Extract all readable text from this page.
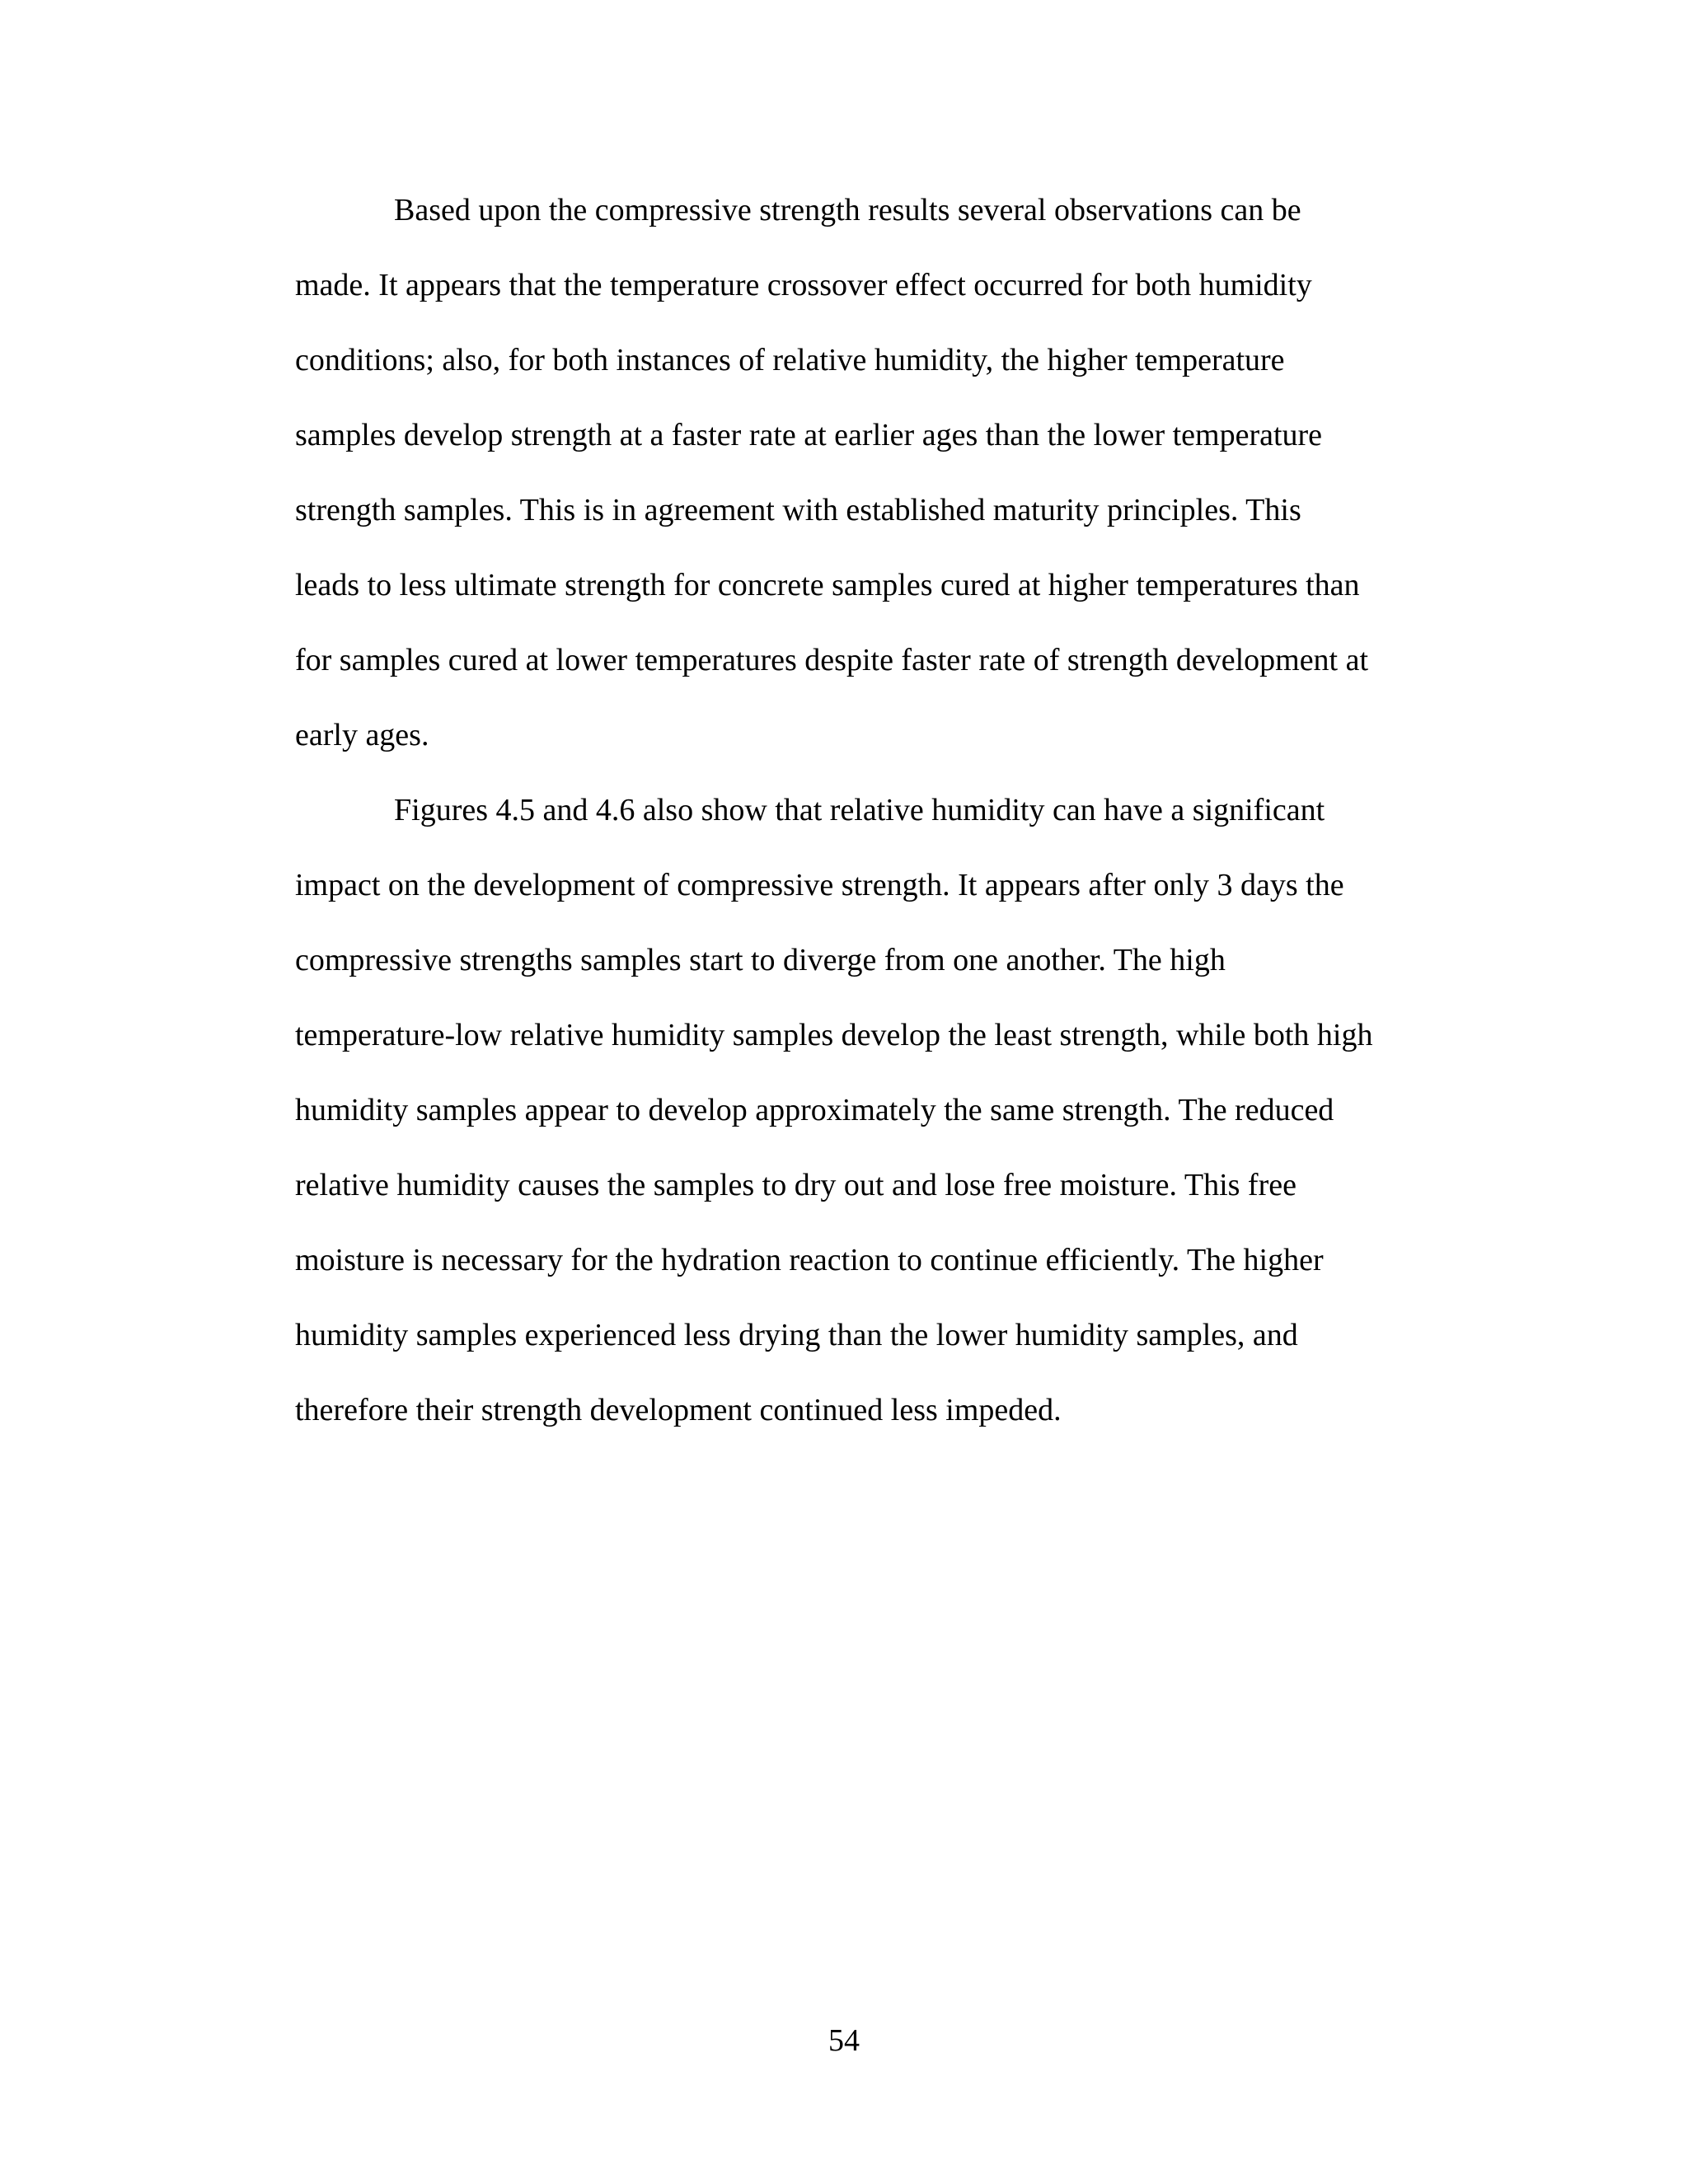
Based upon the compressive strength results several observations can be
made. It appears that the temperature crossover effect occurred for both humidity
conditions; also, for both instances of relative humidity, the higher temperature
samples develop strength at a faster rate at earlier ages than the lower temperature
strength samples. This is in agreement with established maturity principles. This
leads to less ultimate strength for concrete samples cured at higher temperatures than
for samples cured at lower temperatures despite faster rate of strength development at
early ages.
Figures 4.5 and 4.6 also show that relative humidity can have a significant
impact on the development of compressive strength. It appears after only 3 days the
compressive strengths samples start to diverge from one another. The high
temperature-low relative humidity samples develop the least strength, while both high
humidity samples appear to develop approximately the same strength. The reduced
relative humidity causes the samples to dry out and lose free moisture. This free
moisture is necessary for the hydration reaction to continue efficiently. The higher
humidity samples experienced less drying than the lower humidity samples, and
therefore their strength development continued less impeded.
54
